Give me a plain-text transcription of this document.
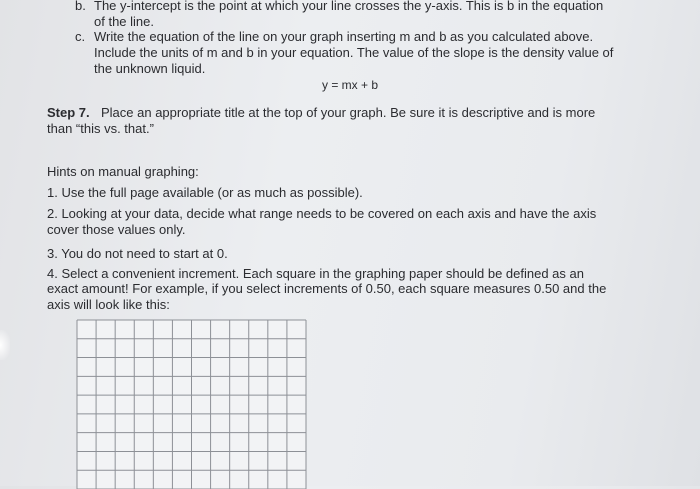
b. The y-intercept is the point at which your line crosses the y-axis. This is b in the equation
of the line.
c. Write the equation of the line on your graph inserting m and b as you calculated above.
Include the units of m and b in your equation. The value of the slope is the density value of
the unknown liquid.
y = mx + b
Step 7. Place an appropriate title at the top of your graph. Be sure it is descriptive and is more
than “this vs. that.”
Hints on manual graphing:
1. Use the full page available (or as much as possible).
2. Looking at your data, decide what range needs to be covered on each axis and have the axis
cover those values only.
3. You do not need to start at 0.
4. Select a convenient increment. Each square in the graphing paper should be defined as an
exact amount! For example, if you select increments of 0.50, each square measures 0.50 and the
axis will look like this:
